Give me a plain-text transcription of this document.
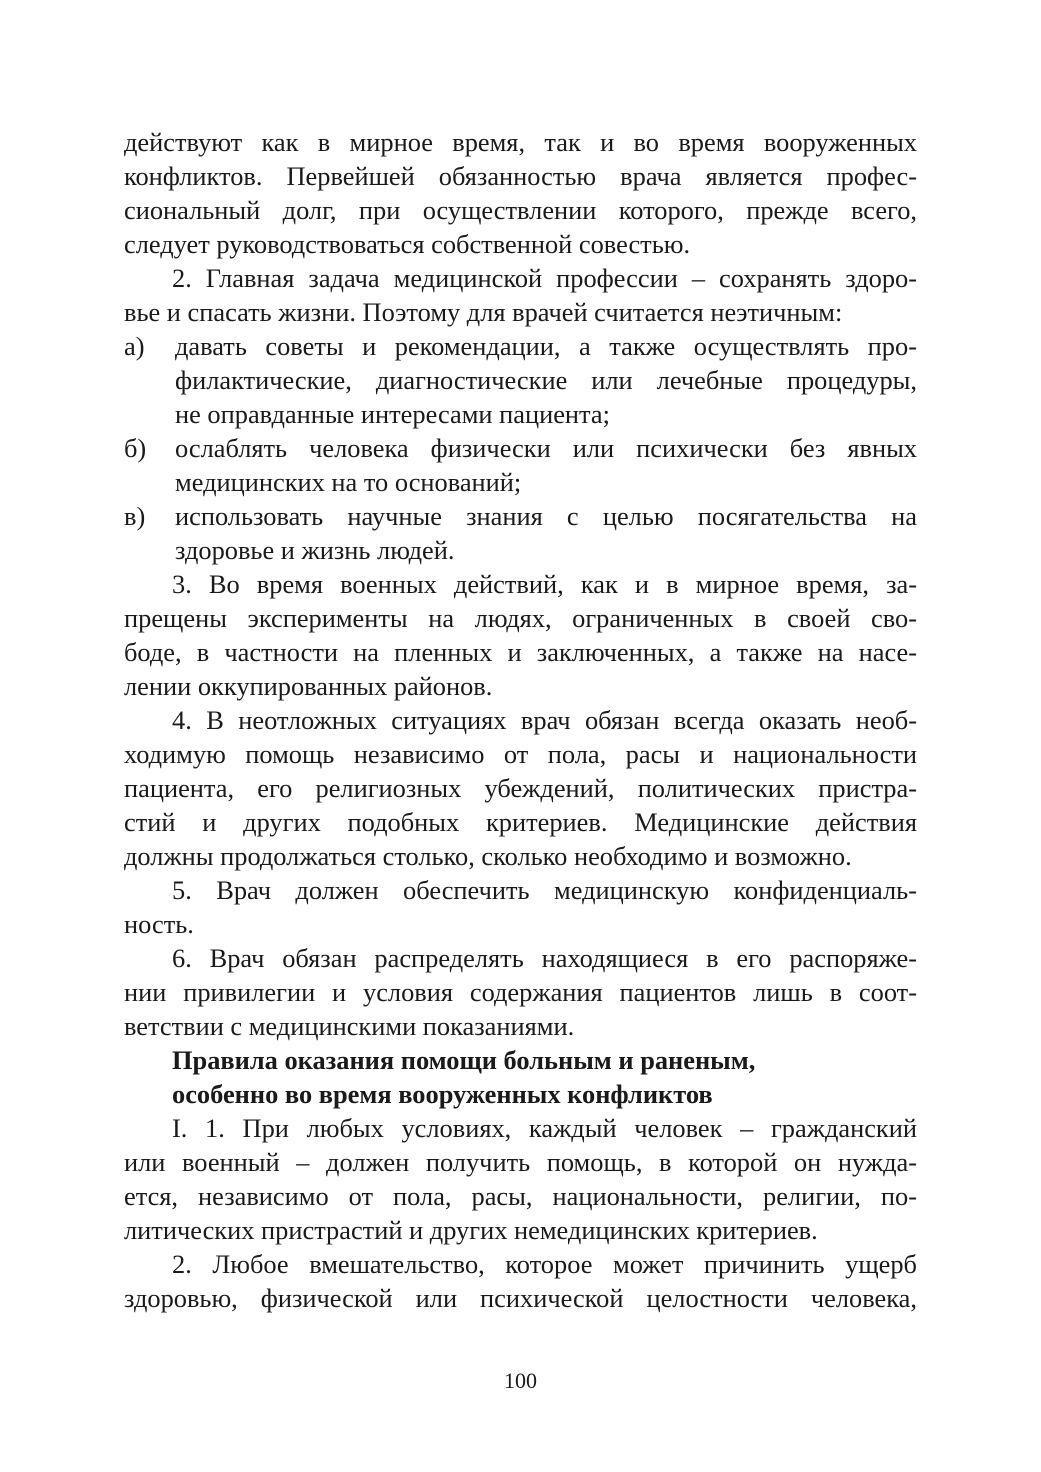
действуют как в мирное время, так и во время вооруженных
конфликтов. Первейшей обязанностью врача является профес-
сиональный долг, при осуществлении которого, прежде всего,
следует руководствоваться собственной совестью.
2. Главная задача медицинской профессии – сохранять здоро-
вье и спасать жизни. Поэтому для врачей считается неэтичным:
а) давать советы и рекомендации, а также осуществлять про-
филактические, диагностические или лечебные процедуры,
не оправданные интересами пациента;
б) ослаблять человека физически или психически без явных
медицинских на то оснований;
в) использовать научные знания с целью посягательства на
здоровье и жизнь людей.
3. Во время военных действий, как и в мирное время, за-
прещены эксперименты на людях, ограниченных в своей сво-
боде, в частности на пленных и заключенных, а также на насе-
лении оккупированных районов.
4. В неотложных ситуациях врач обязан всегда оказать необ-
ходимую помощь независимо от пола, расы и национальности
пациента, его религиозных убеждений, политических пристра-
стий и других подобных критериев. Медицинские действия
должны продолжаться столько, сколько необходимо и возможно.
5. Врач должен обеспечить медицинскую конфиденциаль-
ность.
6. Врач обязан распределять находящиеся в его распоряже-
нии привилегии и условия содержания пациентов лишь в соот-
ветствии с медицинскими показаниями.
Правила оказания помощи больным и раненым,
особенно во время вооруженных конфликтов
I. 1. При любых условиях, каждый человек – гражданский
или военный – должен получить помощь, в которой он нужда-
ется, независимо от пола, расы, национальности, религии, по-
литических пристрастий и других немедицинских критериев.
2. Любое вмешательство, которое может причинить ущерб
здоровью, физической или психической целостности человека,
100
